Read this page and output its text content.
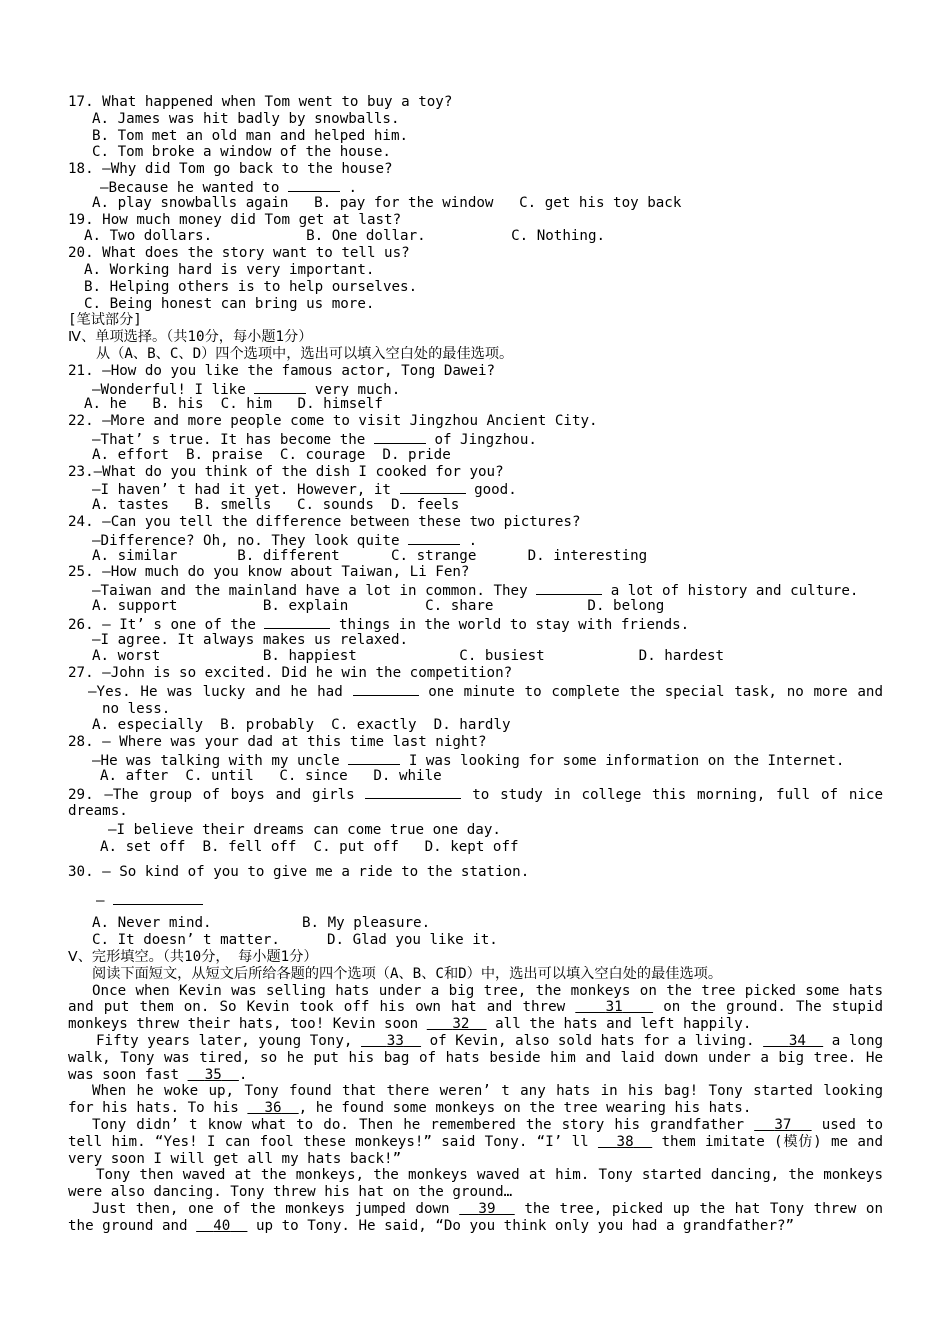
17. What happened when Tom went to buy a toy?
A. James was hit badly by snowballs.
B. Tom met an old man and helped him.
C. Tom broke a window of the house.
18. —Why did Tom go back to the house?
—Because he wanted to	.
A. play snowballs again   B. pay for the window   C. get his toy back
19. How much money did Tom get at last?
A. Two dollars.           B. One dollar.          C. Nothing.
20. What does the story want to tell us?
A. Working hard is very important.
B. Helping others is to help ourselves.
C. Being honest can bring us more.
[笔试部分]
Ⅳ、单项选择。（共10分，每小题1分）
从（A、B、C、D）四个选项中，选出可以填入空白处的最佳选项。
21. —How do you like the famous actor, Tong Dawei?
—Wonderful! I like	very much.
A. he   B. his  C. him   D. himself
22. —More and more people come to visit Jingzhou Ancient City.
—That’ s true. It has become the	of Jingzhou.
A. effort  B. praise  C. courage  D. pride
23.—What do you think of the dish I cooked for you?
—I haven’ t had it yet. However, it	good.
A. tastes   B. smells   C. sounds  D. feels
24. —Can you tell the difference between these two pictures?
—Difference? Oh, no. They look quite	.
A. similar       B. different      C. strange      D. interesting
25. —How much do you know about Taiwan, Li Fen?
—Taiwan and the mainland have a lot in common. They	a lot of history and culture.
A. support          B. explain         C. share           D. belong
26. — It’ s one of the	things in the world to stay with friends.
—I agree. It always makes us relaxed.
A. worst            B. happiest            C. busiest           D. hardest
27. —John is so excited. Did he win the competition?
—Yes. He was lucky and he had	one minute to complete the special task, no more and no less.
A. especially  B. probably  C. exactly  D. hardly
28. — Where was your dad at this time last night?
—He was talking with my uncle	I was looking for some information on the Internet.
A. after  C. until   C. since   D. while
29. —The group of boys and girls	to study in college this morning, full of nice dreams.
—I believe their dreams can come true one day.
A. set off  B. fell off  C. put off   D. kept off
30. – So kind of you to give me a ride to the station.
–
A. Never mind.	B. My pleasure.
C. It doesn’ t matter.	D. Glad you like it.
Ⅴ、完形填空。（共10分， 每小题1分）
阅读下面短文，从短文后所给各题的四个选项（A、B、C和D）中，选出可以填入空白处的最佳选项。
Once when Kevin was selling hats under a big tree, the monkeys on the tree picked some hats and put them on. So Kevin took off his own hat and threw	31	on the ground. The stupid monkeys threw their hats, too! Kevin soon 32 all the hats and left happily.
Fifty years later, young Tony, 33 of Kevin, also sold hats for a living. 34 a long walk, Tony was tired, so he put his bag of hats beside him and laid down under a big tree. He was soon fast 35 .
When he woke up, Tony found that there weren’ t any hats in his bag! Tony started looking for his hats. To his 36 , he found some monkeys on the tree wearing his hats.
Tony didn’ t know what to do. Then he remembered the story his grandfather 37 used to tell him. “Yes! I can fool these monkeys!” said Tony. “I’ ll 38 them imitate (模仿) me and very soon I will get all my hats back!”
Tony then waved at the monkeys, the monkeys waved at him. Tony started dancing, the monkeys were also dancing. Tony threw his hat on the ground…
Just then, one of the monkeys jumped down 39 the tree, picked up the hat Tony threw on the ground and 40 up to Tony. He said, “Do you think only you had a grandfather?”
